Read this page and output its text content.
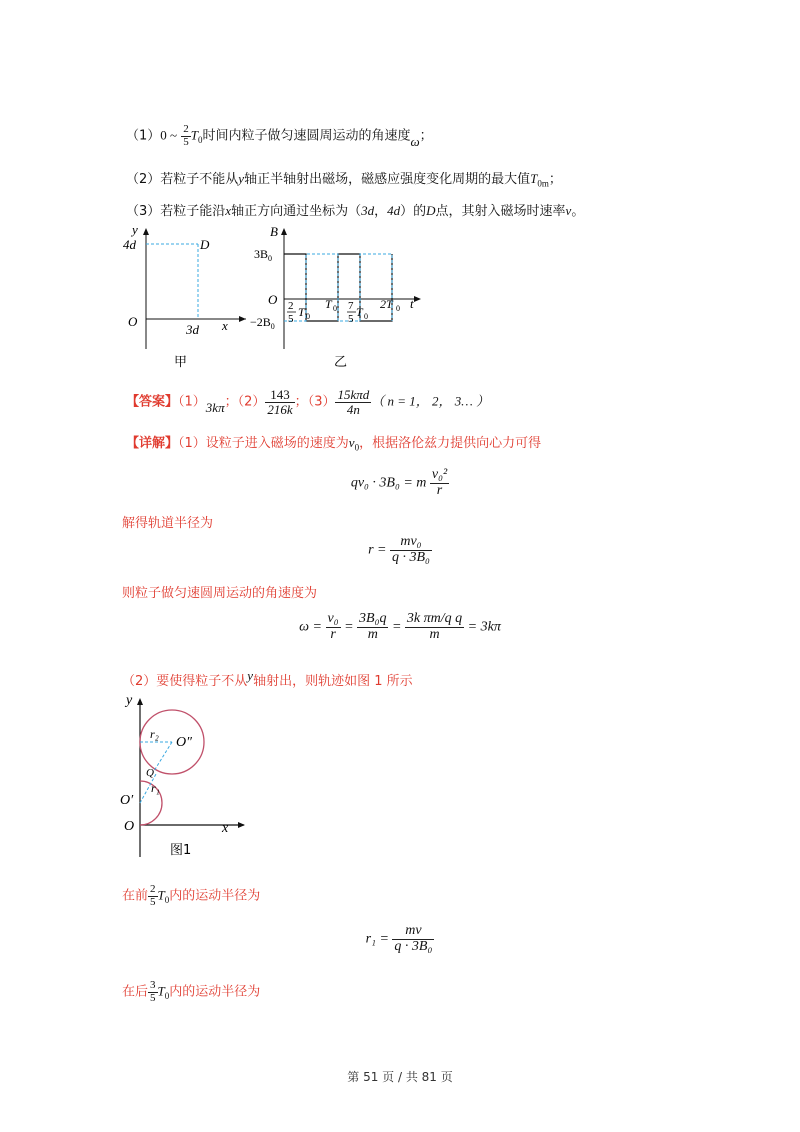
（1）0 ~ $\frac{2}{5} T_0$时间内粒子做匀速圆周运动的角速度ω；
（2）若粒子不能从y轴正半轴射出磁场，磁感应强度变化周期的最大值$T_{0m}$；
（3）若粒子能沿x轴正方向通过坐标为（3d，4d）的D点，其射入磁场时速率v。
y
4d	D
O
3d x
甲
B
$3B_0$
O
$-2B_0$
2
5 T 0
T 0 7
5 T 0
2T 0 t
乙
【答案】（1）3kπ；$(2) \frac{143}{216k}$ ；$(3) \frac{\text{15kπd}}{4n}$ （ n = 1， 2， 3… ）
【详解】（1）设粒子进入磁场的速度为$v_0$，根据洛伦兹力提供向心力可得
qv₀ · 3B₀ = m $\frac{\text{v₀²}}{r}$
解得轨道半径为
$r = \frac{\text{mv₀}}{\text{q · 3B₀}}$
则粒子做匀速圆周运动的角速度为
$\omega = \frac{\text{v₀}}{r} = \frac{\text{3B₀q}}{m} = \frac{\text{3k πm/q q}}{m} = 3k\pi$
（2）要使得粒子不从y轴射出，则轨迹如图 1 所示
y
x
O
O′
O″
Q
r₁
r₂
图1
在前 $\frac{2}{5} T_0$内的运动半径为
$r_1 = \frac{mv}{\text{q · 3B₀}}$
在后 $\frac{3}{5} T_0$内的运动半径为
第 51 页 / 共 81 页
